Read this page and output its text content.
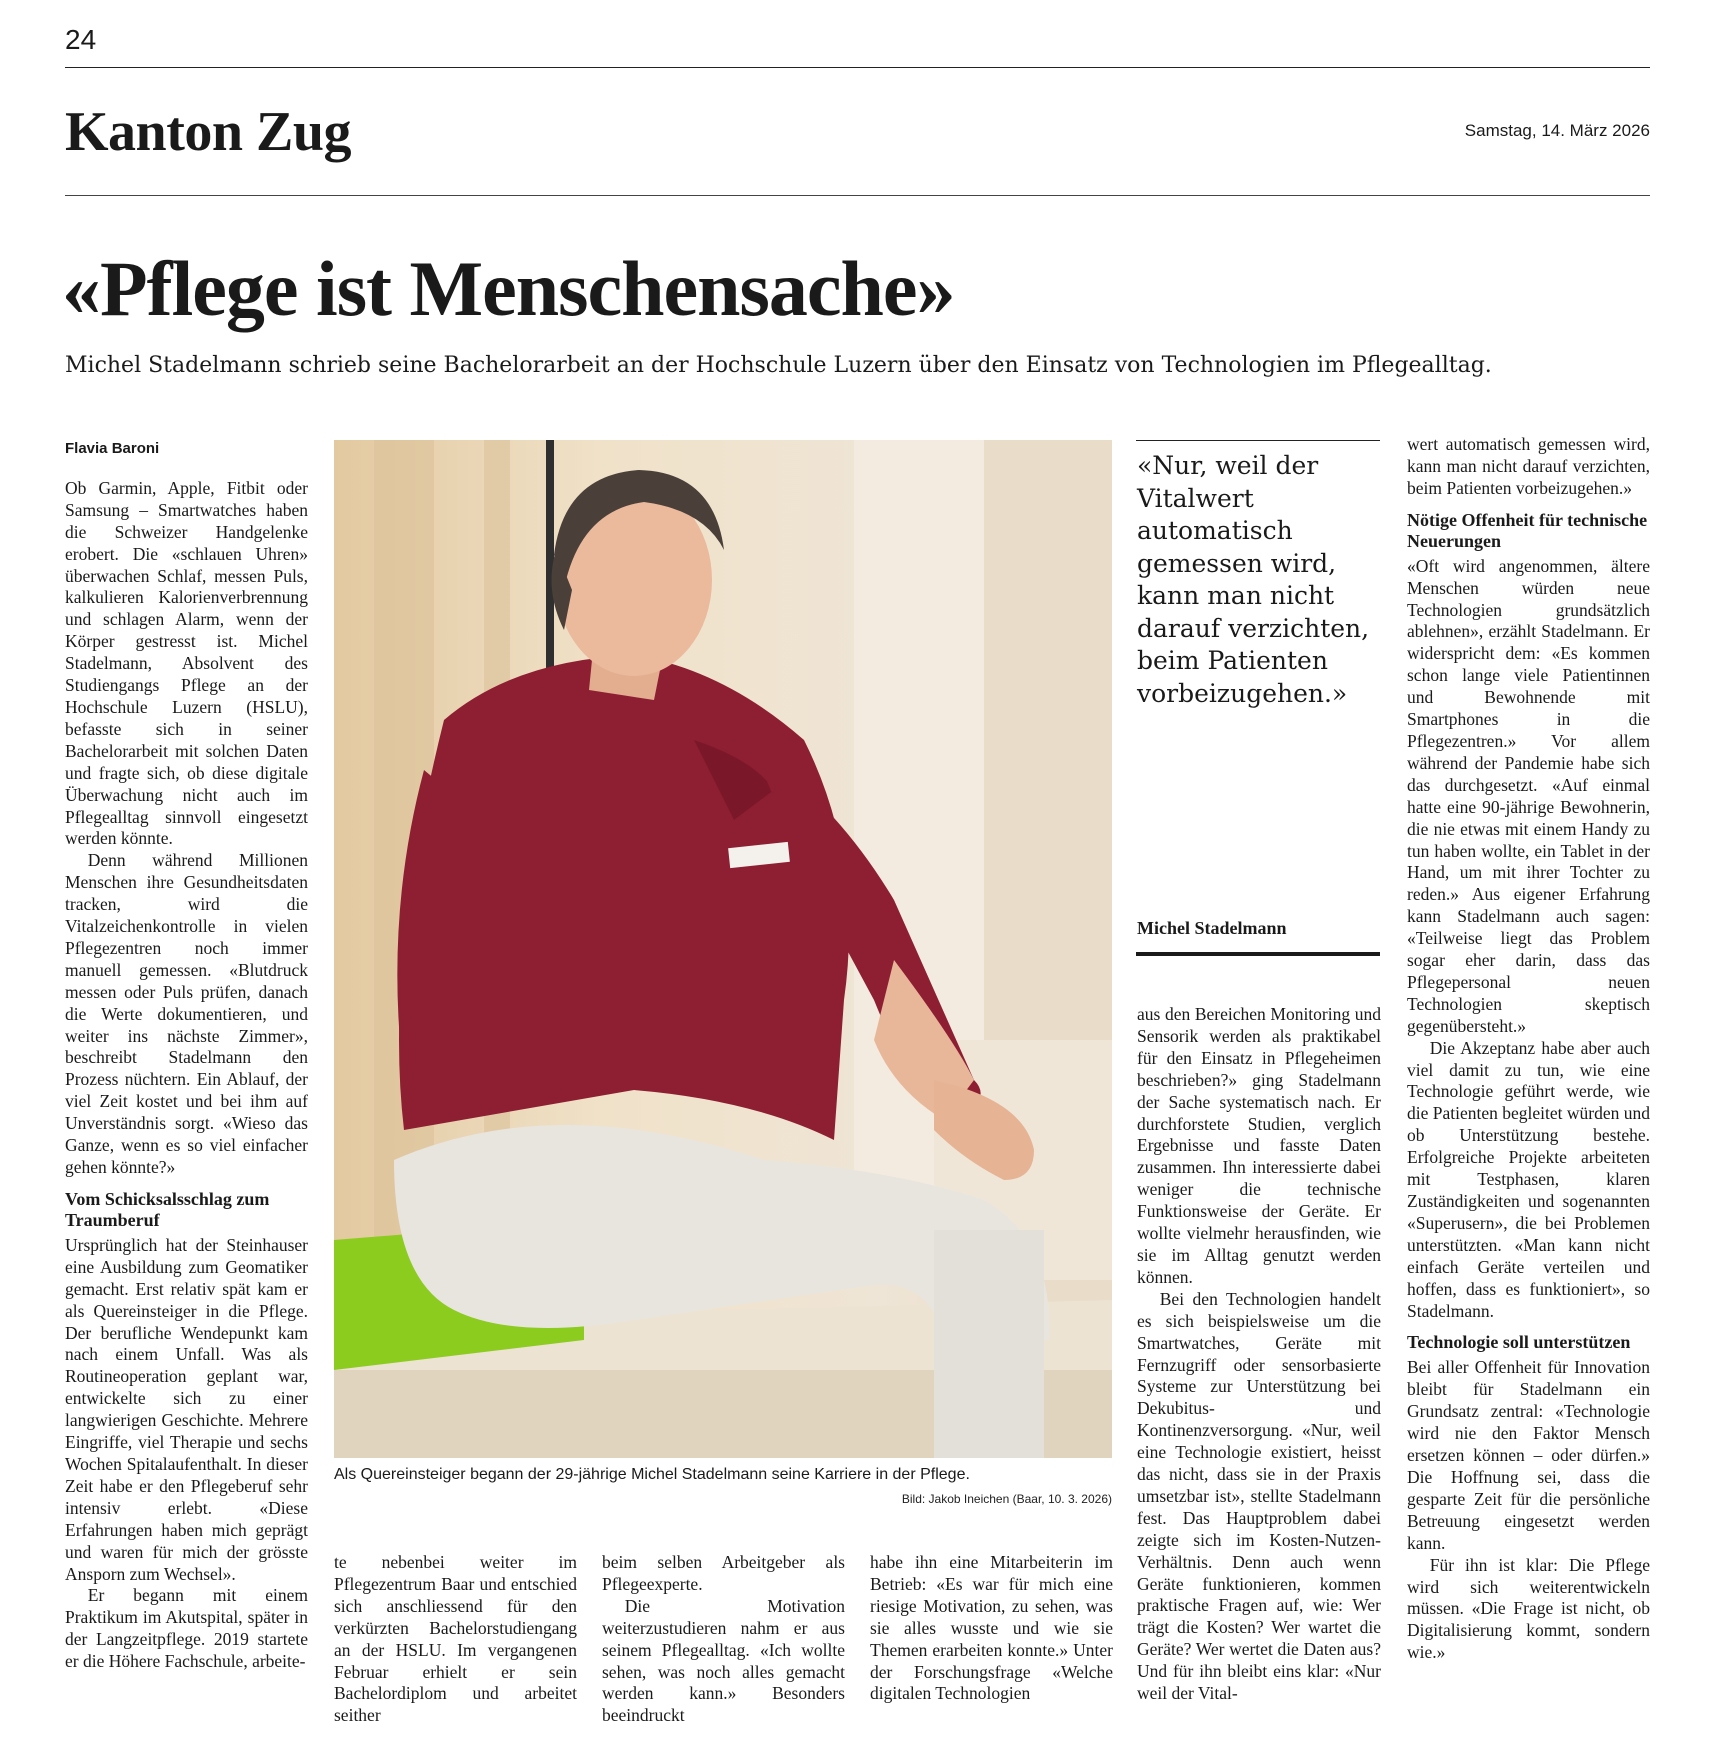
24
Kanton Zug	Samstag, 14. März 2026
«Pflege ist Menschensache»
Michel Stadelmann schrieb seine Bachelorarbeit an der Hochschule Luzern über den Einsatz von Technologien im Pflegealltag.
Flavia Baroni

Ob Garmin, Apple, Fitbit oder Samsung – Smartwatches haben die Schweizer Handgelenke erobert. Die «schlauen Uhren» überwachen Schlaf, messen Puls, kalkulieren Kalorienverbrennung und schlagen Alarm, wenn der Körper gestresst ist. Michel Stadelmann, Absolvent des Studiengangs Pflege an der Hochschule Luzern (HSLU), befasste sich in seiner Bachelorarbeit mit solchen Daten und fragte sich, ob diese digitale Überwachung nicht auch im Pflegealltag sinnvoll eingesetzt werden könnte.

Denn während Millionen Menschen ihre Gesundheitsdaten tracken, wird die Vitalzeichenkontrolle in vielen Pflegezentren noch immer manuell gemessen. «Blutdruck messen oder Puls prüfen, danach die Werte dokumentieren, und weiter ins nächste Zimmer», beschreibt Stadelmann den Prozess nüchtern. Ein Ablauf, der viel Zeit kostet und bei ihm auf Unverständnis sorgt. «Wieso das Ganze, wenn es so viel einfacher gehen könnte?»

Vom Schicksalsschlag zum Traumberuf

Ursprünglich hat der Steinhauser eine Ausbildung zum Geomatiker gemacht. Erst relativ spät kam er als Quereinsteiger in die Pflege. Der berufliche Wendepunkt kam nach einem Unfall. Was als Routineoperation geplant war, entwickelte sich zu einer langwierigen Geschichte. Mehrere Eingriffe, viel Therapie und sechs Wochen Spitalaufenthalt. In dieser Zeit habe er den Pflegeberuf sehr intensiv erlebt. «Diese Erfahrungen haben mich geprägt und waren für mich der grösste Ansporn zum Wechsel».

Er begann mit einem Praktikum im Akutspital, später in der Langzeitpflege. 2019 startete er die Höhere Fachschule, arbeite-

Als Quereinsteiger begann der 29-jährige Michel Stadelmann seine Karriere in der Pflege.
Bild: Jakob Ineichen (Baar, 10. 3. 2026)
«Nur, weil der Vitalwert automatisch gemessen wird, kann man nicht darauf verzichten, beim Patienten vorbeizugehen.»
Michel Stadelmann

te nebenbei weiter im Pflegezentrum Baar und entschied sich anschliessend für den verkürzten Bachelorstudiengang an der HSLU. Im vergangenen Februar erhielt er sein Bachelordiplom und arbeitet seither

beim selben Arbeitgeber als Pflegeexperte.

Die Motivation weiterzustudieren nahm er aus seinem Pflegealltag. «Ich wollte sehen, was noch alles gemacht werden kann.» Besonders beeindruckt

habe ihn eine Mitarbeiterin im Betrieb: «Es war für mich eine riesige Motivation, zu sehen, was sie alles wusste und wie sie Themen erarbeiten konnte.» Unter der Forschungsfrage «Welche digitalen Technologien

aus den Bereichen Monitoring und Sensorik werden als praktikabel für den Einsatz in Pflegeheimen beschrieben?» ging Stadelmann der Sache systematisch nach. Er durchforstete Studien, verglich Ergebnisse und fasste Daten zusammen. Ihn interessierte dabei weniger die technische Funktionsweise der Geräte. Er wollte vielmehr herausfinden, wie sie im Alltag genutzt werden können.

Bei den Technologien handelt es sich beispielsweise um die Smartwatches, Geräte mit Fernzugriff oder sensorbasierte Systeme zur Unterstützung bei Dekubitus- und Kontinenzversorgung. «Nur, weil eine Technologie existiert, heisst das nicht, dass sie in der Praxis umsetzbar ist», stellte Stadelmann fest. Das Hauptproblem dabei zeigte sich im Kosten-Nutzen-Verhältnis. Denn auch wenn Geräte funktionieren, kommen praktische Fragen auf, wie: Wer trägt die Kosten? Wer wartet die Geräte? Wer wertet die Daten aus? Und für ihn bleibt eins klar: «Nur weil der Vital-

wert automatisch gemessen wird, kann man nicht darauf verzichten, beim Patienten vorbeizugehen.»

Nötige Offenheit für technische Neuerungen

«Oft wird angenommen, ältere Menschen würden neue Technologien grundsätzlich ablehnen», erzählt Stadelmann. Er widerspricht dem: «Es kommen schon lange viele Patientinnen und Bewohnende mit Smartphones in die Pflegezentren.» Vor allem während der Pandemie habe sich das durchgesetzt. «Auf einmal hatte eine 90-jährige Bewohnerin, die nie etwas mit einem Handy zu tun haben wollte, ein Tablet in der Hand, um mit ihrer Tochter zu reden.» Aus eigener Erfahrung kann Stadelmann auch sagen: «Teilweise liegt das Problem sogar eher darin, dass das Pflegepersonal neuen Technologien skeptisch gegenübersteht.»

Die Akzeptanz habe aber auch viel damit zu tun, wie eine Technologie geführt werde, wie die Patienten begleitet würden und ob Unterstützung bestehe. Erfolgreiche Projekte arbeiteten mit Testphasen, klaren Zuständigkeiten und sogenannten «Superusern», die bei Problemen unterstützten. «Man kann nicht einfach Geräte verteilen und hoffen, dass es funktioniert», so Stadelmann.

Technologie soll unterstützen

Bei aller Offenheit für Innovation bleibt für Stadelmann ein Grundsatz zentral: «Technologie wird nie den Faktor Mensch ersetzen können – oder dürfen.» Die Hoffnung sei, dass die gesparte Zeit für die persönliche Betreuung eingesetzt werden kann.

Für ihn ist klar: Die Pflege wird sich weiterentwickeln müssen. «Die Frage ist nicht, ob Digitalisierung kommt, sondern wie.»
